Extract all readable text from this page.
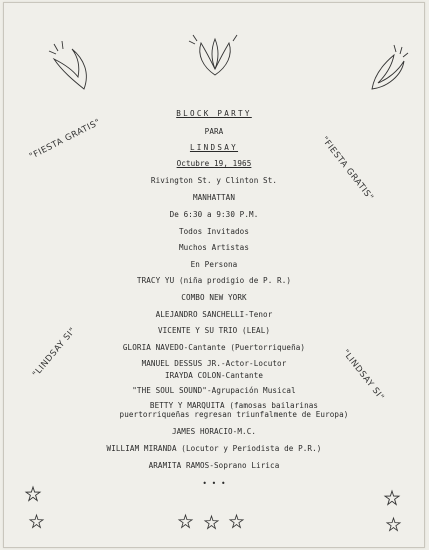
"FIESTA GRATIS"	"FIESTA GRATIS"
"LINDSAY SI"	"LINDSAY SI"
BLOCK PARTY
PARA
LINDSAY
Octubre 19, 1965
Rivington St. y Clinton St.
MANHATTAN
De 6:30 a 9:30 P.M.
Todos Invitados
Muchos Artistas
En Persona
TRACY YU (niña prodigio de P. R.)
COMBO NEW YORK
ALEJANDRO SANCHELLI-Tenor
VICENTE Y SU TRIO (LEAL)
GLORIA NAVEDO-Cantante (Puertorriqueña)
MANUEL DESSUS JR.-Actor-Locutor
IRAYDA COLON-Cantante
"THE SOUL SOUND"-Agrupación Musical
BETTY Y MARQUITA (famosas bailarinas puertorriqueñas regresan triunfalmente de Europa)
JAMES HORACIO-M.C.
WILLIAM MIRANDA (Locutor y Periodista de P.R.)
ARAMITA RAMOS-Soprano Lirica
• • •
